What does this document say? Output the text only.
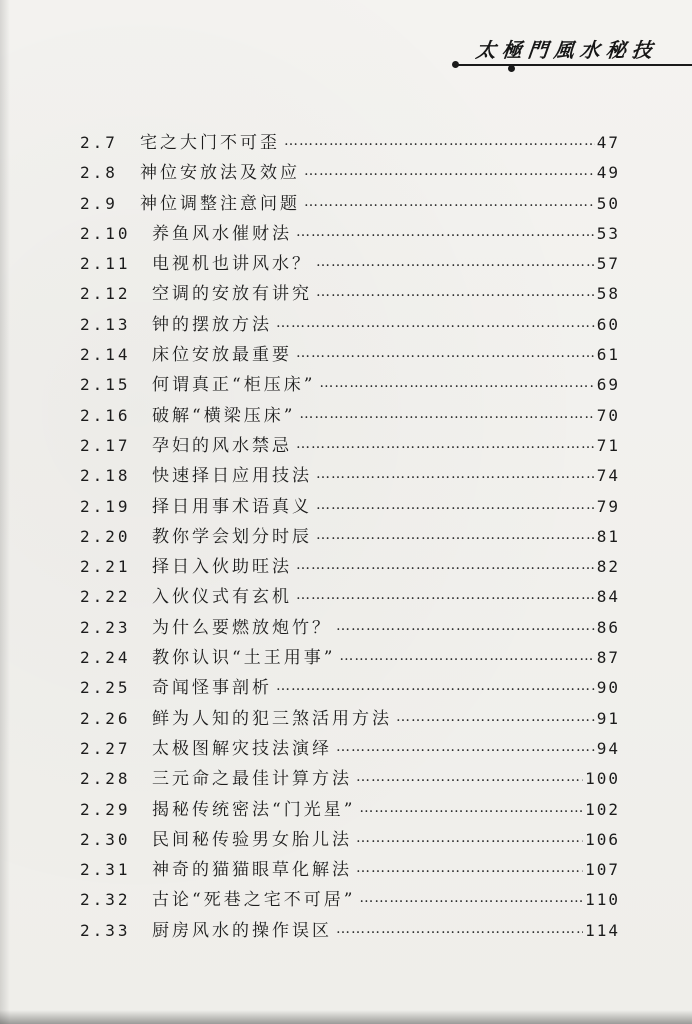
太極門風水秘技
2.7	宅之大门不可歪 …………………………………………………………………………………………………………………………	47
2.8	神位安放法及效应 …………………………………………………………………………………………………………………………	49
2.9	神位调整注意问题 …………………………………………………………………………………………………………………………	50
2.10	养鱼风水催财法 …………………………………………………………………………………………………………………………	53
2.11	电视机也讲风水？ …………………………………………………………………………………………………………………………	57
2.12	空调的安放有讲究 …………………………………………………………………………………………………………………………	58
2.13	钟的摆放方法 …………………………………………………………………………………………………………………………	60
2.14	床位安放最重要 …………………………………………………………………………………………………………………………	61
2.15	何谓真正“柜压床” …………………………………………………………………………………………………………………………	69
2.16	破解“横梁压床” …………………………………………………………………………………………………………………………	70
2.17	孕妇的风水禁忌 …………………………………………………………………………………………………………………………	71
2.18	快速择日应用技法 …………………………………………………………………………………………………………………………	74
2.19	择日用事术语真义 …………………………………………………………………………………………………………………………	79
2.20	教你学会划分时辰 …………………………………………………………………………………………………………………………	81
2.21	择日入伙助旺法 …………………………………………………………………………………………………………………………	82
2.22	入伙仪式有玄机 …………………………………………………………………………………………………………………………	84
2.23	为什么要燃放炮竹？ …………………………………………………………………………………………………………………………	86
2.24	教你认识“土王用事” …………………………………………………………………………………………………………………………	87
2.25	奇闻怪事剖析 …………………………………………………………………………………………………………………………	90
2.26	鲜为人知的犯三煞活用方法 …………………………………………………………………………………………………………………………	91
2.27	太极图解灾技法演绎 …………………………………………………………………………………………………………………………	94
2.28	三元命之最佳计算方法 …………………………………………………………………………………………………………………………	100
2.29	揭秘传统密法“门光星” …………………………………………………………………………………………………………………………	102
2.30	民间秘传验男女胎儿法 …………………………………………………………………………………………………………………………	106
2.31	神奇的猫猫眼草化解法 …………………………………………………………………………………………………………………………	107
2.32	古论“死巷之宅不可居” …………………………………………………………………………………………………………………………	110
2.33	厨房风水的操作误区 …………………………………………………………………………………………………………………………	114
